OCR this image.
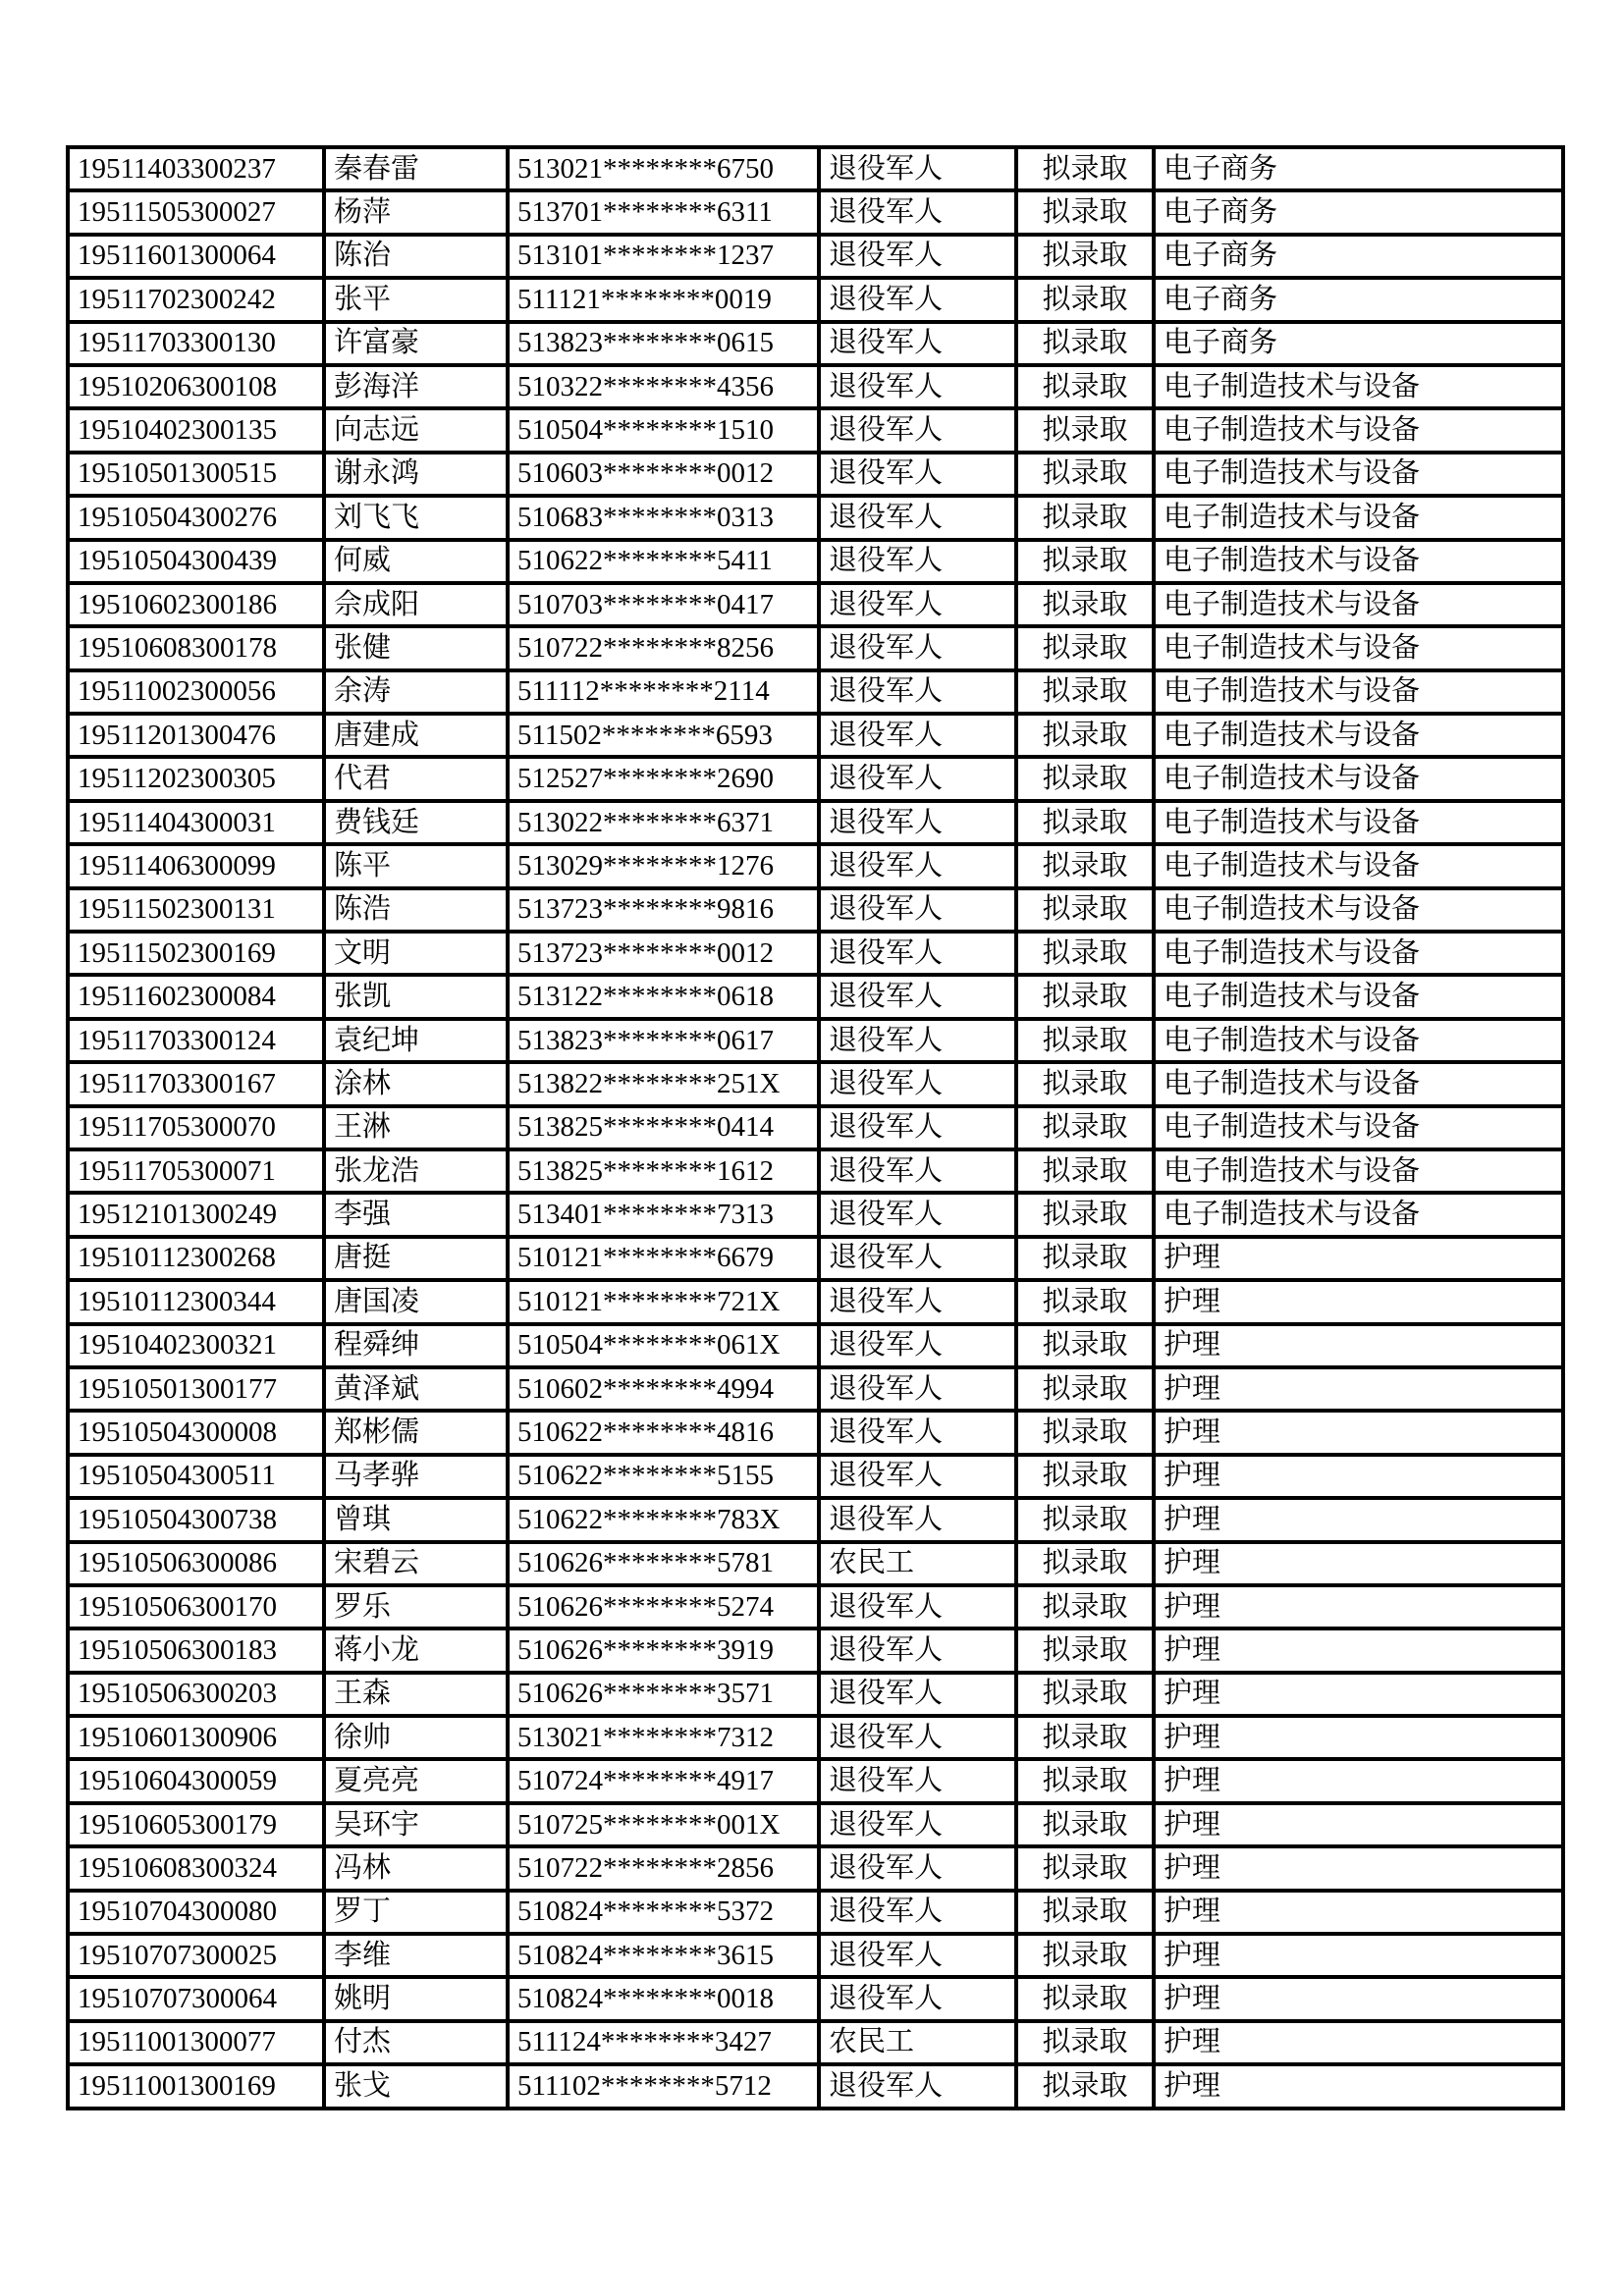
19511403300237	秦春雷	513021********6750	退役军人	拟录取	电子商务
19511505300027	杨萍	513701********6311	退役军人	拟录取	电子商务
19511601300064	陈治	513101********1237	退役军人	拟录取	电子商务
19511702300242	张平	511121********0019	退役军人	拟录取	电子商务
19511703300130	许富豪	513823********0615	退役军人	拟录取	电子商务
19510206300108	彭海洋	510322********4356	退役军人	拟录取	电子制造技术与设备
19510402300135	向志远	510504********1510	退役军人	拟录取	电子制造技术与设备
19510501300515	谢永鸿	510603********0012	退役军人	拟录取	电子制造技术与设备
19510504300276	刘飞飞	510683********0313	退役军人	拟录取	电子制造技术与设备
19510504300439	何威	510622********5411	退役军人	拟录取	电子制造技术与设备
19510602300186	佘成阳	510703********0417	退役军人	拟录取	电子制造技术与设备
19510608300178	张健	510722********8256	退役军人	拟录取	电子制造技术与设备
19511002300056	余涛	511112********2114	退役军人	拟录取	电子制造技术与设备
19511201300476	唐建成	511502********6593	退役军人	拟录取	电子制造技术与设备
19511202300305	代君	512527********2690	退役军人	拟录取	电子制造技术与设备
19511404300031	费钱廷	513022********6371	退役军人	拟录取	电子制造技术与设备
19511406300099	陈平	513029********1276	退役军人	拟录取	电子制造技术与设备
19511502300131	陈浩	513723********9816	退役军人	拟录取	电子制造技术与设备
19511502300169	文明	513723********0012	退役军人	拟录取	电子制造技术与设备
19511602300084	张凯	513122********0618	退役军人	拟录取	电子制造技术与设备
19511703300124	袁纪坤	513823********0617	退役军人	拟录取	电子制造技术与设备
19511703300167	涂林	513822********251X	退役军人	拟录取	电子制造技术与设备
19511705300070	王淋	513825********0414	退役军人	拟录取	电子制造技术与设备
19511705300071	张龙浩	513825********1612	退役军人	拟录取	电子制造技术与设备
19512101300249	李强	513401********7313	退役军人	拟录取	电子制造技术与设备
19510112300268	唐挺	510121********6679	退役军人	拟录取	护理
19510112300344	唐国凌	510121********721X	退役军人	拟录取	护理
19510402300321	程舜绅	510504********061X	退役军人	拟录取	护理
19510501300177	黄泽斌	510602********4994	退役军人	拟录取	护理
19510504300008	郑彬儒	510622********4816	退役军人	拟录取	护理
19510504300511	马孝骅	510622********5155	退役军人	拟录取	护理
19510504300738	曾琪	510622********783X	退役军人	拟录取	护理
19510506300086	宋碧云	510626********5781	农民工	拟录取	护理
19510506300170	罗乐	510626********5274	退役军人	拟录取	护理
19510506300183	蒋小龙	510626********3919	退役军人	拟录取	护理
19510506300203	王森	510626********3571	退役军人	拟录取	护理
19510601300906	徐帅	513021********7312	退役军人	拟录取	护理
19510604300059	夏亮亮	510724********4917	退役军人	拟录取	护理
19510605300179	吴环宇	510725********001X	退役军人	拟录取	护理
19510608300324	冯林	510722********2856	退役军人	拟录取	护理
19510704300080	罗丁	510824********5372	退役军人	拟录取	护理
19510707300025	李维	510824********3615	退役军人	拟录取	护理
19510707300064	姚明	510824********0018	退役军人	拟录取	护理
19511001300077	付杰	511124********3427	农民工	拟录取	护理
19511001300169	张戈	511102********5712	退役军人	拟录取	护理
